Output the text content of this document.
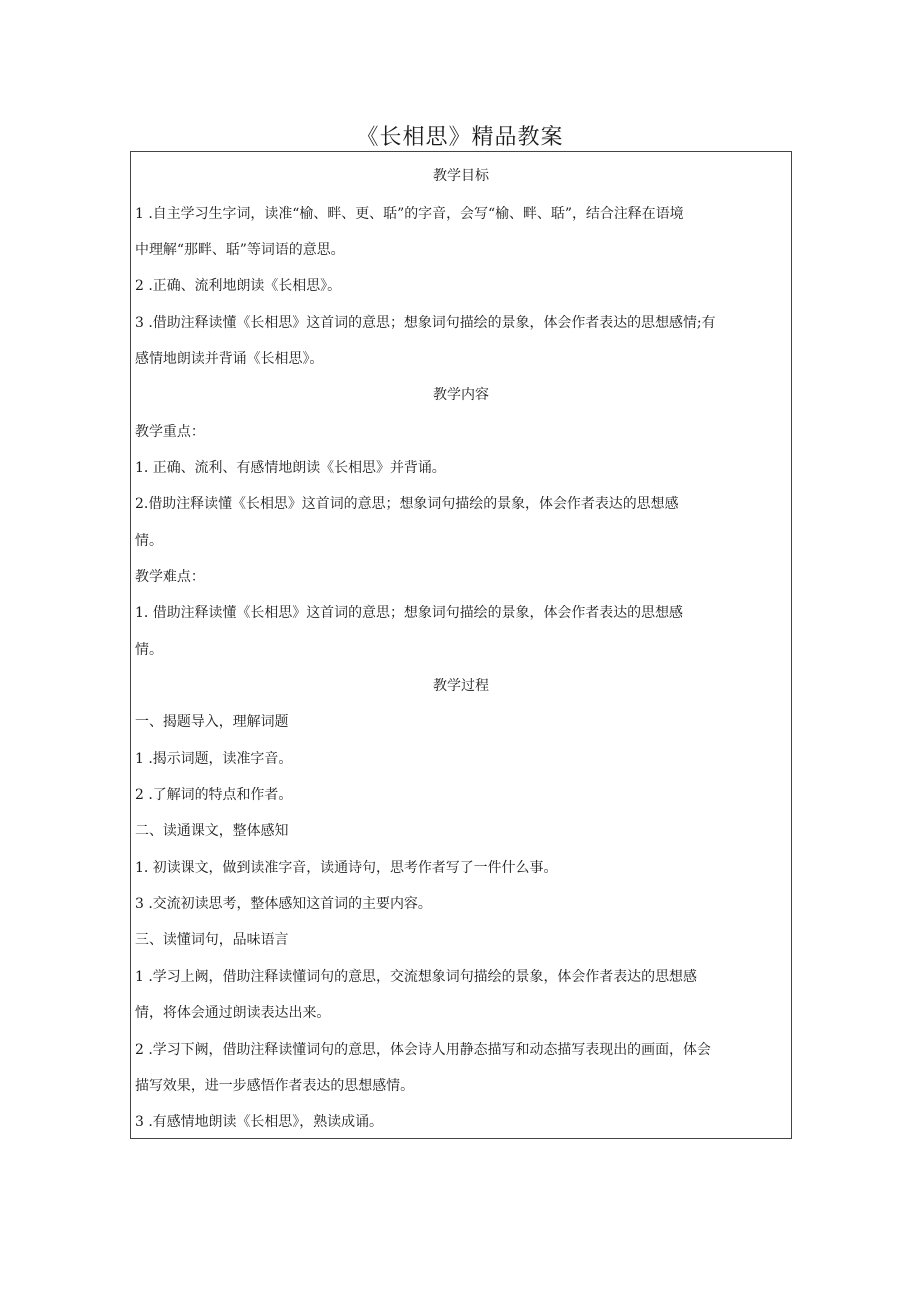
《长相思》精品教案
教学目标
1 .自主学习生字词，读准“榆、畔、更、聒”的字音，会写“榆、畔、聒”，结合注释在语境
中理解“那畔、聒”等词语的意思。
2 .正确、流利地朗读《长相思》。
3 .借助注释读懂《长相思》这首词的意思；想象词句描绘的景象，体会作者表达的思想感情;有
感情地朗读并背诵《长相思》。
教学内容
教学重点：
1. 正确、流利、有感情地朗读《长相思》并背诵。
2.借助注释读懂《长相思》这首词的意思；想象词句描绘的景象，体会作者表达的思想感
情。
教学难点：
1. 借助注释读懂《长相思》这首词的意思；想象词句描绘的景象，体会作者表达的思想感
情。
教学过程
一、揭题导入，理解词题
1 .揭示词题，读准字音。
2 .了解词的特点和作者。
二、读通课文，整体感知
1. 初读课文，做到读准字音，读通诗句，思考作者写了一件什么事。
3 .交流初读思考，整体感知这首词的主要内容。
三、读懂词句，品味语言
1 .学习上阙，借助注释读懂词句的意思，交流想象词句描绘的景象，体会作者表达的思想感
情，将体会通过朗读表达出来。
2 .学习下阙，借助注释读懂词句的意思，体会诗人用静态描写和动态描写表现出的画面，体会
描写效果，进一步感悟作者表达的思想感情。
3 .有感情地朗读《长相思》，熟读成诵。
